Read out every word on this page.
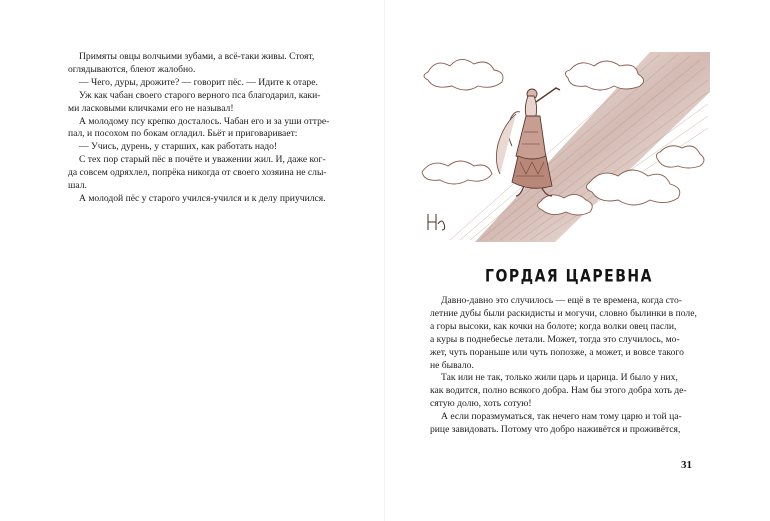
Примяты овцы волчьими зубами, а всё-таки живы. Стоят,
оглядываются, блеют жалобно.

— Чего, дуры, дрожите? — говорит пёс. — Идите к отаре.

Уж как чабан своего старого верного пса благодарил, каки-
ми ласковыми кличками его не называл!

А молодому псу крепко досталось. Чабан его и за уши оттре-
пал, и посохом по бокам огладил. Бьёт и приговаривает:

— Учись, дурень, у старших, как работать надо!

С тех пор старый пёс в почёте и уважении жил. И, даже ког-
да совсем одряхлел, попрёка никогда от своего хозяина не слы-
шал.

А молодой пёс у старого учился-учился и к делу приучился.

ГОРДАЯ ЦАРЕВНА

Давно-давно это случилось — ещё в те времена, когда сто-
летние дубы были раскидисты и могучи, словно былинки в поле,
а горы высоки, как кочки на болоте; когда волки овец пасли,
а куры в поднебесье летали. Может, тогда это случилось, мо-
жет, чуть пораньше или чуть попозже, а может, и вовсе такого
не бывало.

Так или не так, только жили царь и царица. И было у них,
как водится, полно всякого добра. Нам бы этого добра хоть де-
сятую долю, хоть сотую!

А если поразмуматься, так нечего нам тому царю и той ца-
рице завидовать. Потому что добро наживётся и проживётся,

31
